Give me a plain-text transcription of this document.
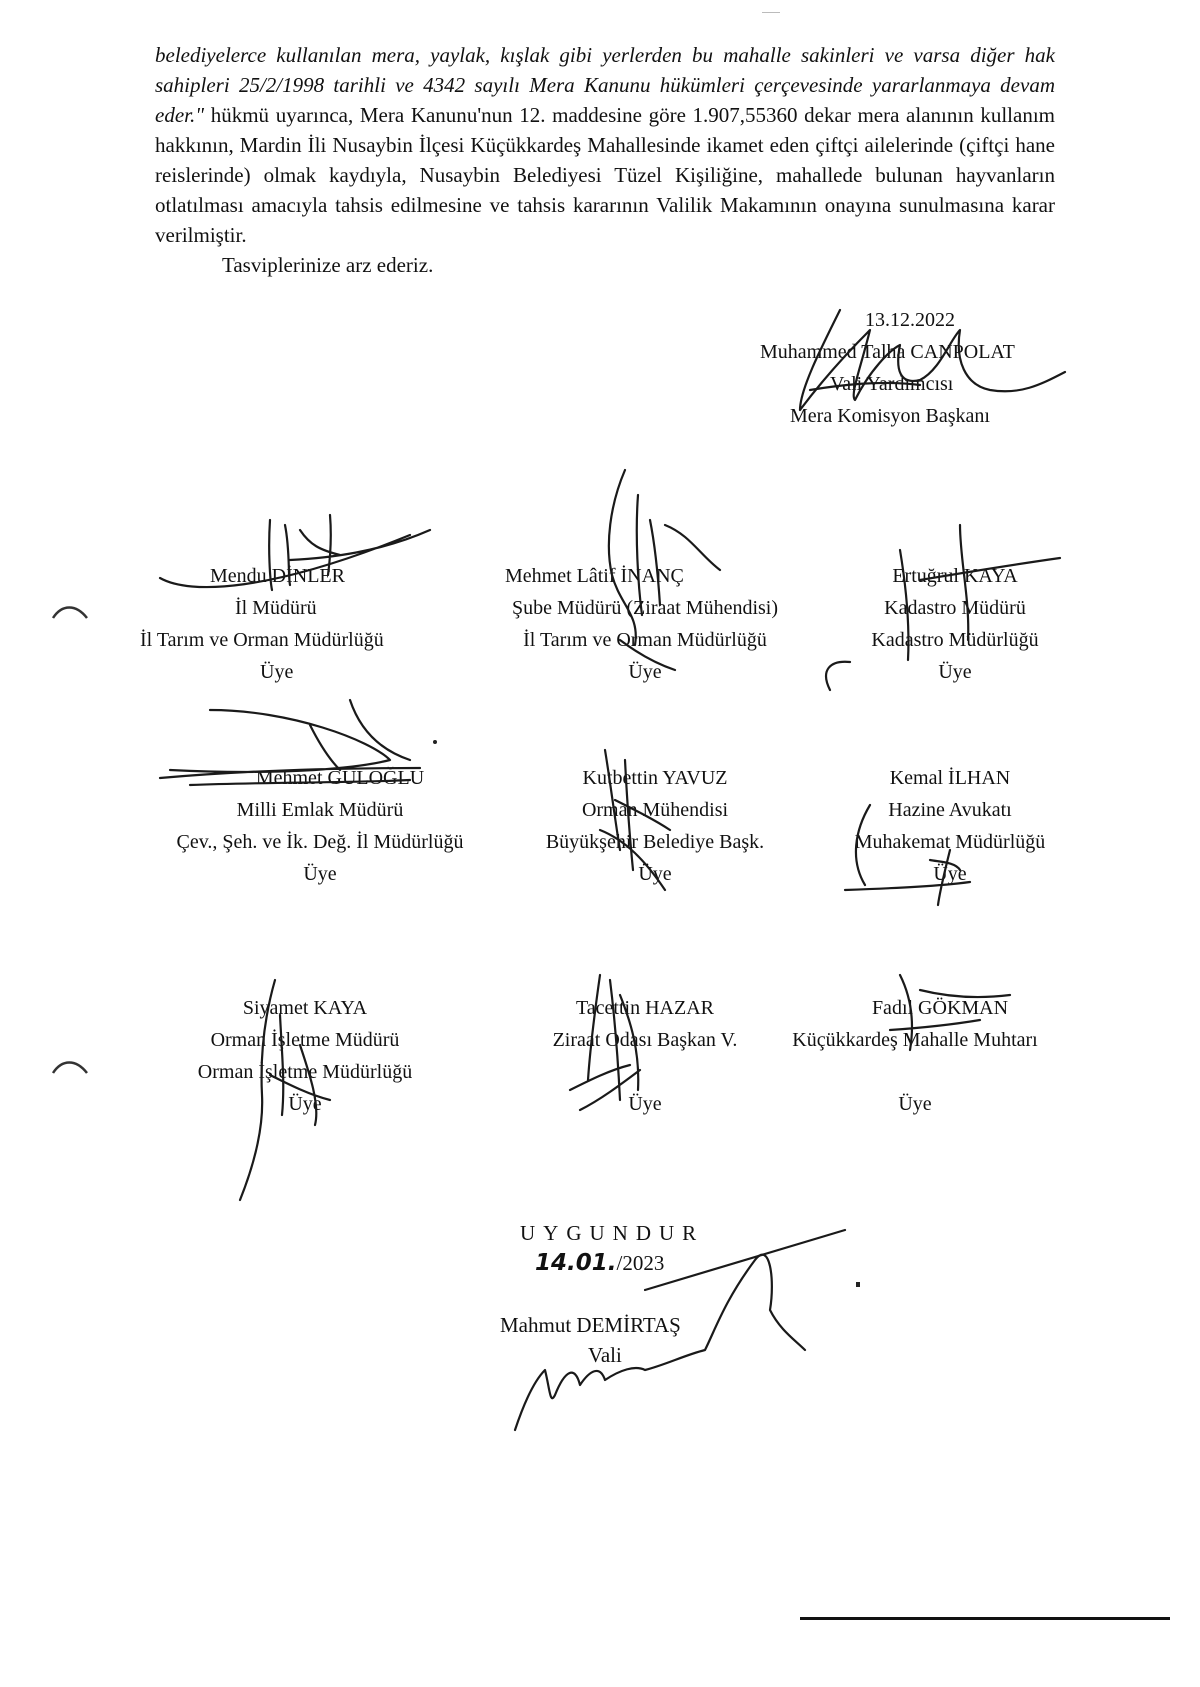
belediyelerce kullanılan mera, yaylak, kışlak gibi yerlerden bu mahalle sakinleri ve varsa diğer hak sahipleri 25/2/1998 tarihli ve 4342 sayılı Mera Kanunu hükümleri çerçevesinde yararlanmaya devam eder." hükmü uyarınca, Mera Kanunu'nun 12. maddesine göre 1.907,55360 dekar mera alanının kullanım hakkının, Mardin İli Nusaybin İlçesi Küçükkardeş Mahallesinde ikamet eden çiftçi ailelerinde (çiftçi hane reislerinde) olmak kaydıyla, Nusaybin Belediyesi Tüzel Kişiliğine, mahallede bulunan hayvanların otlatılması amacıyla tahsis edilmesine ve tahsis kararının Valilik Makamının onayına sunulmasına karar verilmiştir.

Tasviplerinize arz ederiz.

13.12.2022
Muhammed Talha CANPOLAT
Vali Yardımcısı
Mera Komisyon Başkanı
Mendu DİNLER
İl Müdürü
İl Tarım ve Orman Müdürlüğü
Üye
Mehmet Lâtif İNANÇ
Şube Müdürü (Ziraat Mühendisi)
İl Tarım ve Orman Müdürlüğü
Üye
Ertuğrul KAYA
Kadastro Müdürü
Kadastro Müdürlüğü
Üye
Mehmet GÜLOĞLU
Milli Emlak Müdürü
Çev., Şeh. ve İk. Değ. İl Müdürlüğü
Üye
Kutbettin YAVUZ
Orman Mühendisi
Büyükşehir Belediye Başk.
Üye
Kemal İLHAN
Hazine Avukatı
Muhakemat Müdürlüğü
Üye
Siyamet KAYA
Orman İşletme Müdürü
Orman İşletme Müdürlüğü
Üye
Tacettin HAZAR
Ziraat Odası Başkan V.
Üye
Fadıl GÖKMAN
Küçükkardeş Mahalle Muhtarı
Üye
UYGUNDUR
14.01./2023
Mahmut DEMİRTAŞ
Vali
